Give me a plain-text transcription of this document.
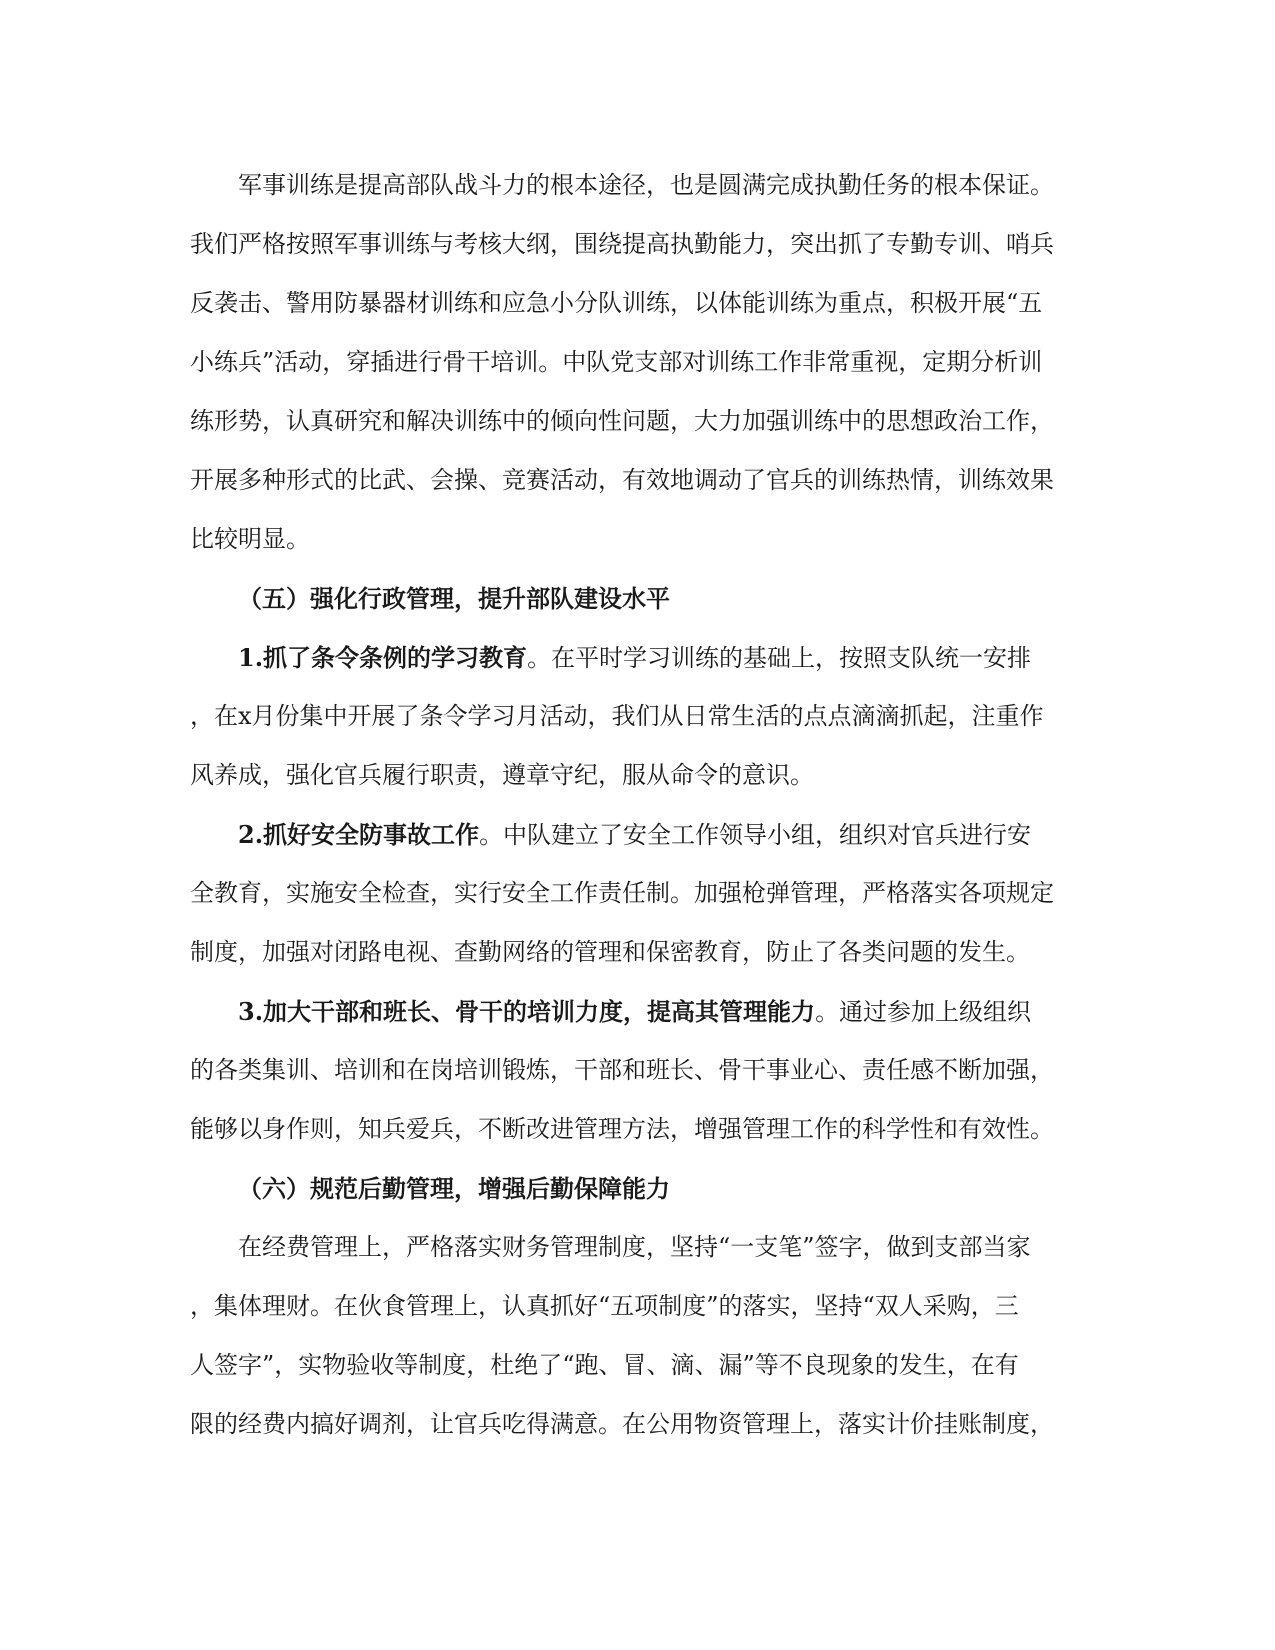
军事训练是提高部队战斗力的根本途径，也是圆满完成执勤任务的根本保证。
我们严格按照军事训练与考核大纲，围绕提高执勤能力，突出抓了专勤专训、哨兵
反袭击、警用防暴器材训练和应急小分队训练，以体能训练为重点，积极开展“五
小练兵”活动，穿插进行骨干培训。中队党支部对训练工作非常重视，定期分析训
练形势，认真研究和解决训练中的倾向性问题，大力加强训练中的思想政治工作，
开展多种形式的比武、会操、竞赛活动，有效地调动了官兵的训练热情，训练效果
比较明显。
（五）强化行政管理，提升部队建设水平
1.抓了条令条例的学习教育。在平时学习训练的基础上，按照支队统一安排
，在x月份集中开展了条令学习月活动，我们从日常生活的点点滴滴抓起，注重作
风养成，强化官兵履行职责，遵章守纪，服从命令的意识。
2.抓好安全防事故工作。中队建立了安全工作领导小组，组织对官兵进行安
全教育，实施安全检查，实行安全工作责任制。加强枪弹管理，严格落实各项规定
制度，加强对闭路电视、查勤网络的管理和保密教育，防止了各类问题的发生。
3.加大干部和班长、骨干的培训力度，提高其管理能力。通过参加上级组织
的各类集训、培训和在岗培训锻炼，干部和班长、骨干事业心、责任感不断加强，
能够以身作则，知兵爱兵，不断改进管理方法，增强管理工作的科学性和有效性。
（六）规范后勤管理，增强后勤保障能力
在经费管理上，严格落实财务管理制度，坚持“一支笔”签字，做到支部当家
，集体理财。在伙食管理上，认真抓好“五项制度”的落实，坚持“双人采购，三
人签字”，实物验收等制度，杜绝了“跑、冒、滴、漏”等不良现象的发生，在有
限的经费内搞好调剂，让官兵吃得满意。在公用物资管理上，落实计价挂账制度，
